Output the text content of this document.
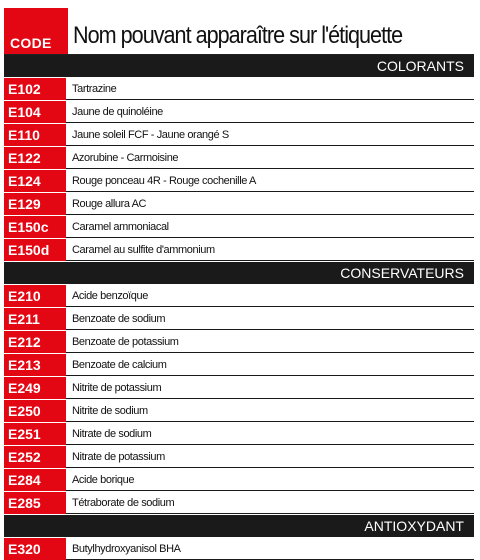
CODE Nom pouvant apparaître sur l'étiquette
COLORANTS
E102	Tartrazine
E104	Jaune de quinoléine
E110	Jaune soleil FCF - Jaune orangé S
E122	Azorubine - Carmoisine
E124	Rouge ponceau 4R - Rouge cochenille A
E129	Rouge allura AC
E150c	Caramel ammoniacal
E150d	Caramel au sulfite d'ammonium
CONSERVATEURS
E210	Acide benzoïque
E211	Benzoate de sodium
E212	Benzoate de potassium
E213	Benzoate de calcium
E249	Nitrite de potassium
E250	Nitrite de sodium
E251	Nitrate de sodium
E252	Nitrate de potassium
E284	Acide borique
E285	Tétraborate de sodium
ANTIOXYDANT
E320	Butylhydroxyanisol BHA
